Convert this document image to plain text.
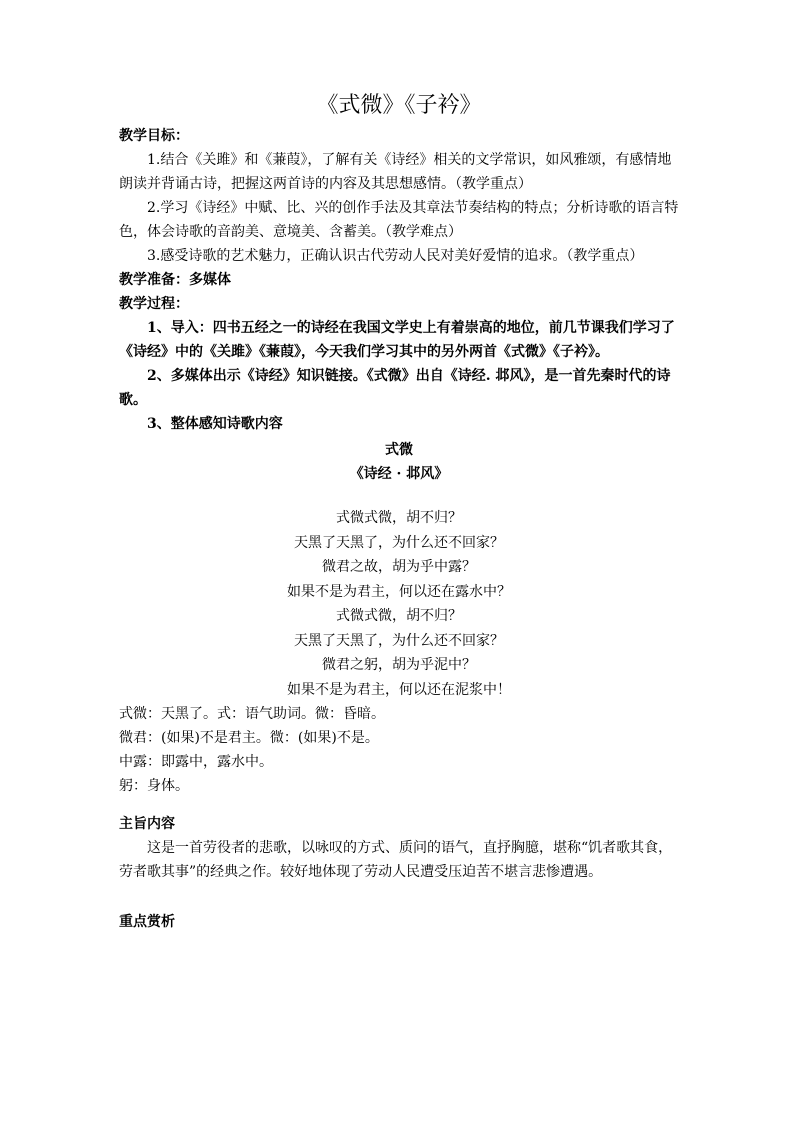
《式微》《子衿》

教学目标：

1.结合《关雎》和《蒹葭》，了解有关《诗经》相关的文学常识，如风雅颂，有感情地朗读并背诵古诗，把握这两首诗的内容及其思想感情。（教学重点）

2.学习《诗经》中赋、比、兴的创作手法及其章法节奏结构的特点；分析诗歌的语言特色，体会诗歌的音韵美、意境美、含蓄美。（教学难点）

3.感受诗歌的艺术魅力，正确认识古代劳动人民对美好爱情的追求。（教学重点）

教学准备：多媒体

教学过程：

1、导入：四书五经之一的诗经在我国文学史上有着崇高的地位，前几节课我们学习了《诗经》中的《关雎》《蒹葭》，今天我们学习其中的另外两首《式微》《子衿》。

2、多媒体出示《诗经》知识链接。《式微》出自《诗经. 邶风》，是一首先秦时代的诗歌。

3、整体感知诗歌内容

式微

《诗经 · 邶风》

式微式微，胡不归？

天黑了天黑了，为什么还不回家？

微君之故，胡为乎中露？

如果不是为君主，何以还在露水中？

式微式微，胡不归？

天黑了天黑了，为什么还不回家？

微君之躬，胡为乎泥中？

如果不是为君主，何以还在泥浆中！

式微：天黑了。式：语气助词。微：昏暗。

微君：(如果)不是君主。微：(如果)不是。

中露：即露中，露水中。

躬：身体。

主旨内容

这是一首劳役者的悲歌，以咏叹的方式、质问的语气，直抒胸臆，堪称“饥者歌其食，劳者歌其事”的经典之作。较好地体现了劳动人民遭受压迫苦不堪言悲惨遭遇。

重点赏析
